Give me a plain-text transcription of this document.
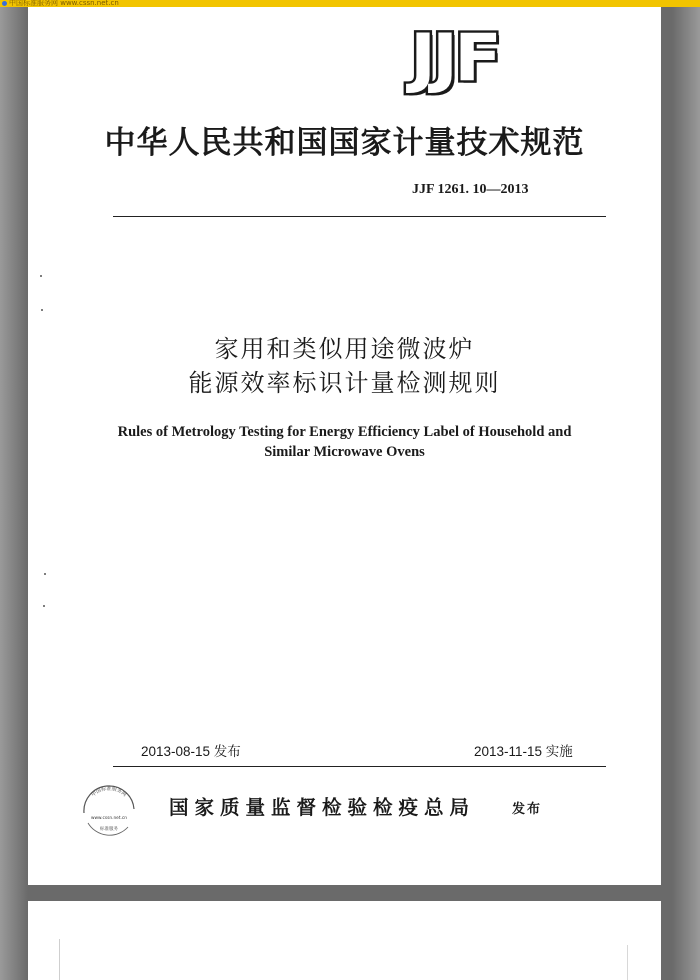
中国标准服务网 www.cssn.net.cn
JJF
中华人民共和国国家计量技术规范
JJF 1261. 10—2013
家用和类似用途微波炉
能源效率标识计量检测规则
Rules of Metrology Testing for Energy Efficiency Label of Household and
Similar Microwave Ovens
2013-08-15 发布	2013-11-15 实施
中国标准服务网
www.cssn.net.cn
标准服务
国家质量监督检验检疫总局	发布
